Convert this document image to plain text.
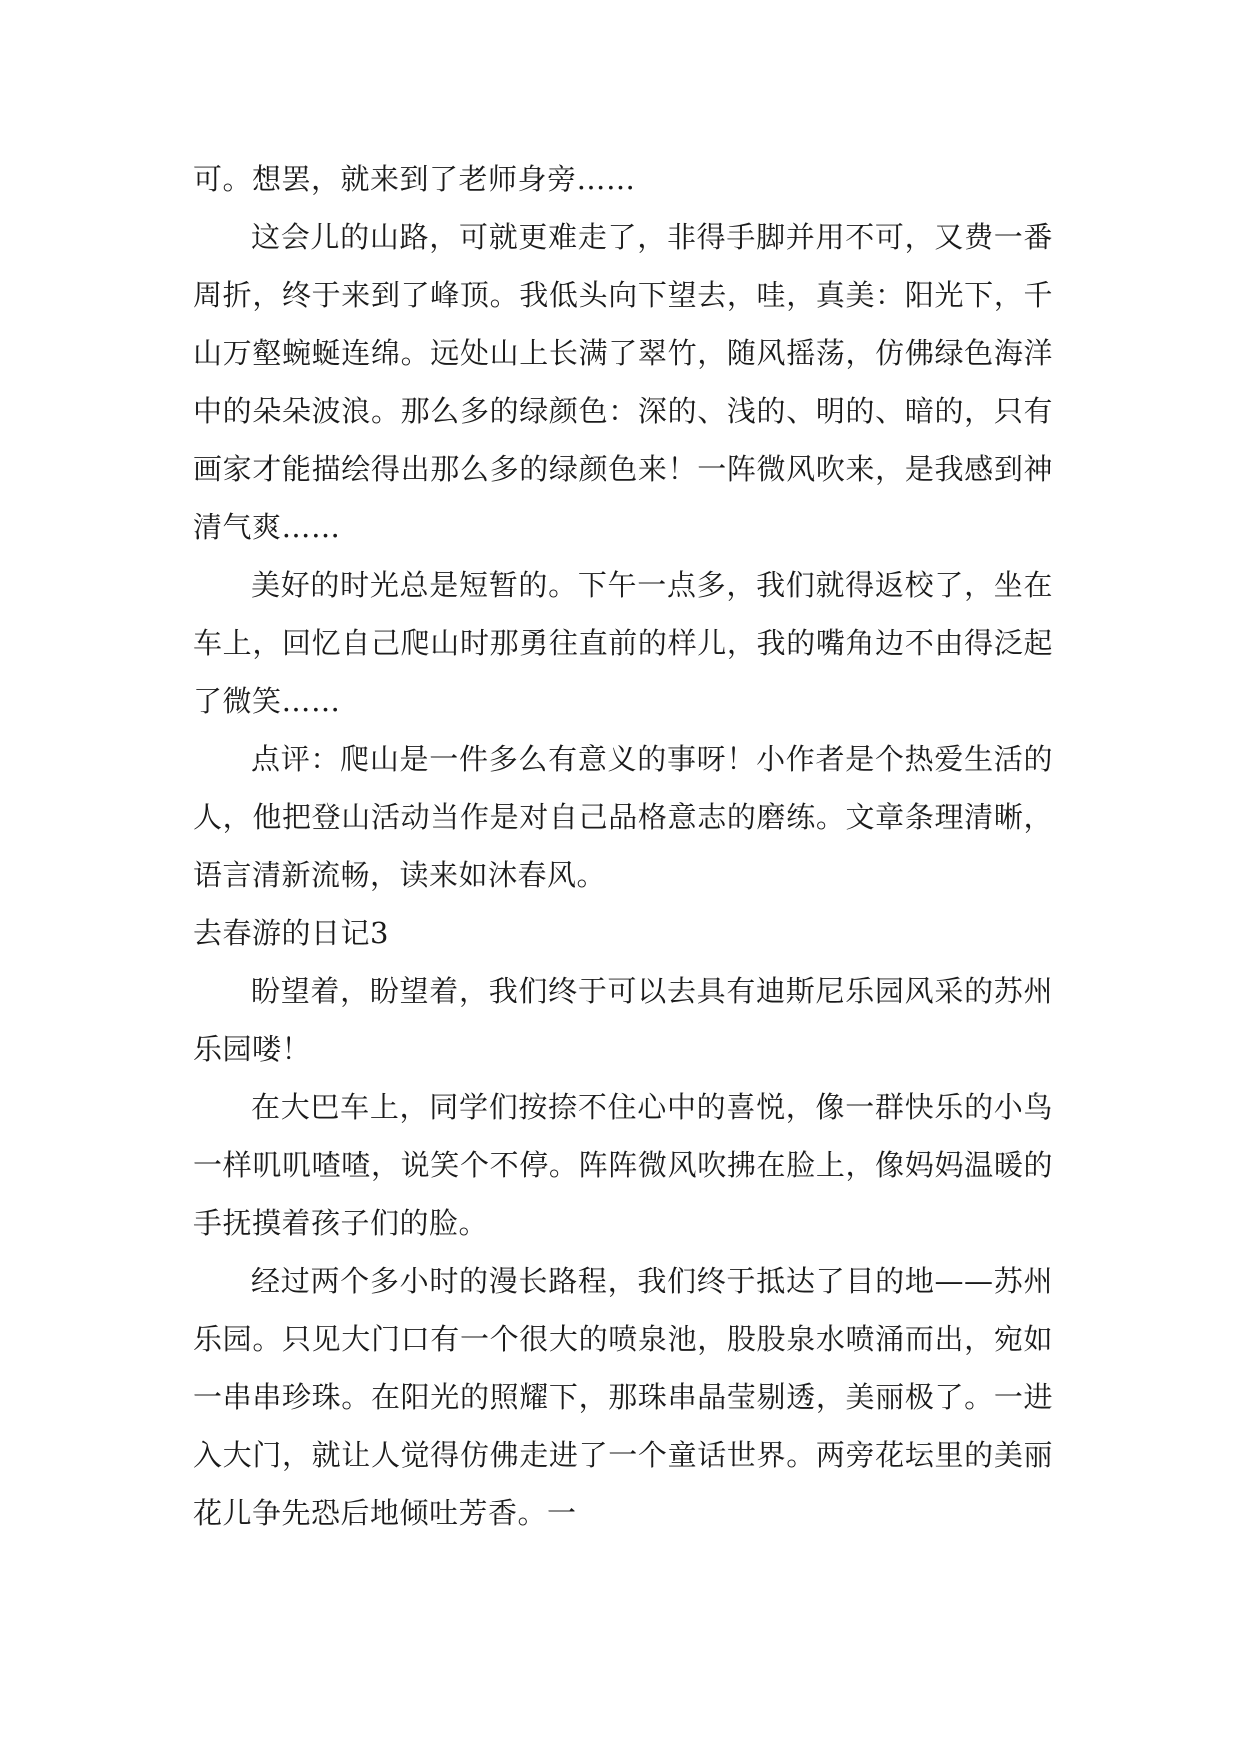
可。想罢，就来到了老师身旁……

这会儿的山路，可就更难走了，非得手脚并用不可，又费一番周折，终于来到了峰顶。我低头向下望去，哇，真美：阳光下，千山万壑蜿蜒连绵。远处山上长满了翠竹，随风摇荡，仿佛绿色海洋中的朵朵波浪。那么多的绿颜色：深的、浅的、明的、暗的，只有画家才能描绘得出那么多的绿颜色来！一阵微风吹来，是我感到神清气爽……

美好的时光总是短暂的。下午一点多，我们就得返校了，坐在车上，回忆自己爬山时那勇往直前的样儿，我的嘴角边不由得泛起了微笑……

点评：爬山是一件多么有意义的事呀！小作者是个热爱生活的人，他把登山活动当作是对自己品格意志的磨练。文章条理清晰，语言清新流畅，读来如沐春风。

去春游的日记3

盼望着，盼望着，我们终于可以去具有迪斯尼乐园风采的苏州乐园喽！

在大巴车上，同学们按捺不住心中的喜悦，像一群快乐的小鸟一样叽叽喳喳，说笑个不停。阵阵微风吹拂在脸上，像妈妈温暖的手抚摸着孩子们的脸。

经过两个多小时的漫长路程，我们终于抵达了目的地——苏州乐园。只见大门口有一个很大的喷泉池，股股泉水喷涌而出，宛如一串串珍珠。在阳光的照耀下，那珠串晶莹剔透，美丽极了。一进入大门，就让人觉得仿佛走进了一个童话世界。两旁花坛里的美丽花儿争先恐后地倾吐芳香。一
